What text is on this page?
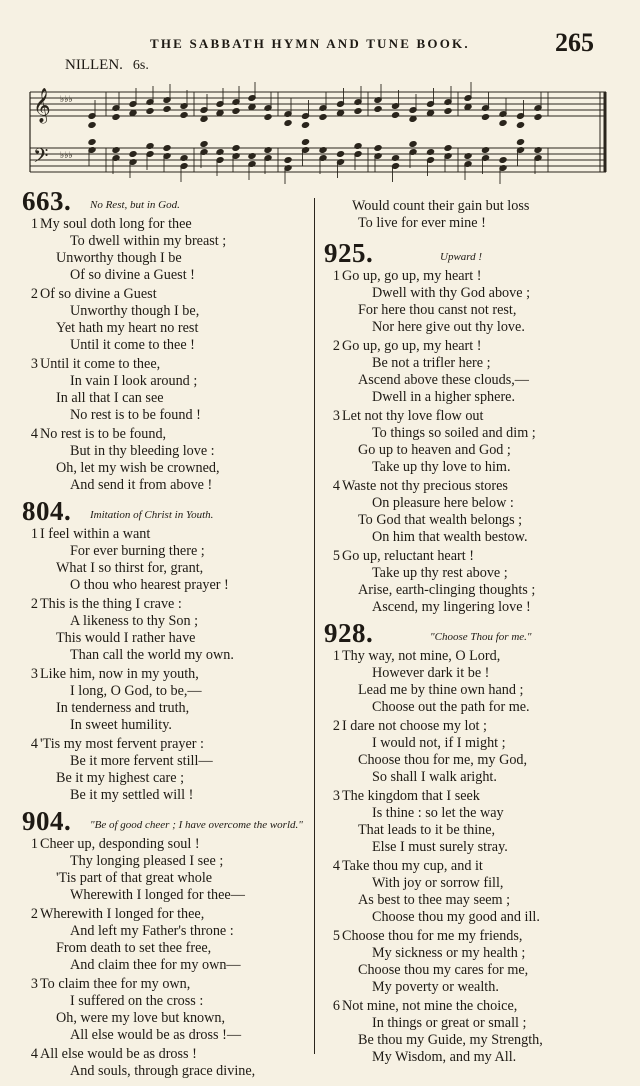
THE SABBATH HYMN AND TUNE BOOK.	265
NILLEN. 6s.
𝄞
𝄢
♭♭♭
♭♭♭
663. No Rest, but in God.
1 My soul doth long for thee
To dwell within my breast ;
Unworthy though I be
Of so divine a Guest !
2 Of so divine a Guest
Unworthy though I be,
Yet hath my heart no rest
Until it come to thee !
3 Until it come to thee,
In vain I look around ;
In all that I can see
No rest is to be found !
4 No rest is to be found,
But in thy bleeding love :
Oh, let my wish be crowned,
And send it from above !
804. Imitation of Christ in Youth.
1 I feel within a want
For ever burning there ;
What I so thirst for, grant,
O thou who hearest prayer !
2 This is the thing I crave :
A likeness to thy Son ;
This would I rather have
Than call the world my own.
3 Like him, now in my youth,
I long, O God, to be,—
In tenderness and truth,
In sweet humility.
4 'Tis my most fervent prayer :
Be it more fervent still—
Be it my highest care ;
Be it my settled will !
904. "Be of good cheer ; I have overcome the world."
1 Cheer up, desponding soul !
Thy longing pleased I see ;
'Tis part of that great whole
Wherewith I longed for thee—
2 Wherewith I longed for thee,
And left my Father's throne :
From death to set thee free,
And claim thee for my own—
3 To claim thee for my own,
I suffered on the cross :
Oh, were my love but known,
All else would be as dross !—
4 All else would be as dross !
And souls, through grace divine,
Would count their gain but loss
To live for ever mine !
925.	Upward !
1 Go up, go up, my heart !
Dwell with thy God above ;
For here thou canst not rest,
Nor here give out thy love.
2 Go up, go up, my heart !
Be not a trifler here ;
Ascend above these clouds,—
Dwell in a higher sphere.
3 Let not thy love flow out
To things so soiled and dim ;
Go up to heaven and God ;
Take up thy love to him.
4 Waste not thy precious stores
On pleasure here below :
To God that wealth belongs ;
On him that wealth bestow.
5 Go up, reluctant heart !
Take up thy rest above ;
Arise, earth-clinging thoughts ;
Ascend, my lingering love !
928.	"Choose Thou for me."
1 Thy way, not mine, O Lord,
However dark it be !
Lead me by thine own hand ;
Choose out the path for me.
2 I dare not choose my lot ;
I would not, if I might ;
Choose thou for me, my God,
So shall I walk aright.
3 The kingdom that I seek
Is thine : so let the way
That leads to it be thine,
Else I must surely stray.
4 Take thou my cup, and it
With joy or sorrow fill,
As best to thee may seem ;
Choose thou my good and ill.
5 Choose thou for me my friends,
My sickness or my health ;
Choose thou my cares for me,
My poverty or wealth.
6 Not mine, not mine the choice,
In things or great or small ;
Be thou my Guide, my Strength,
My Wisdom, and my All.
